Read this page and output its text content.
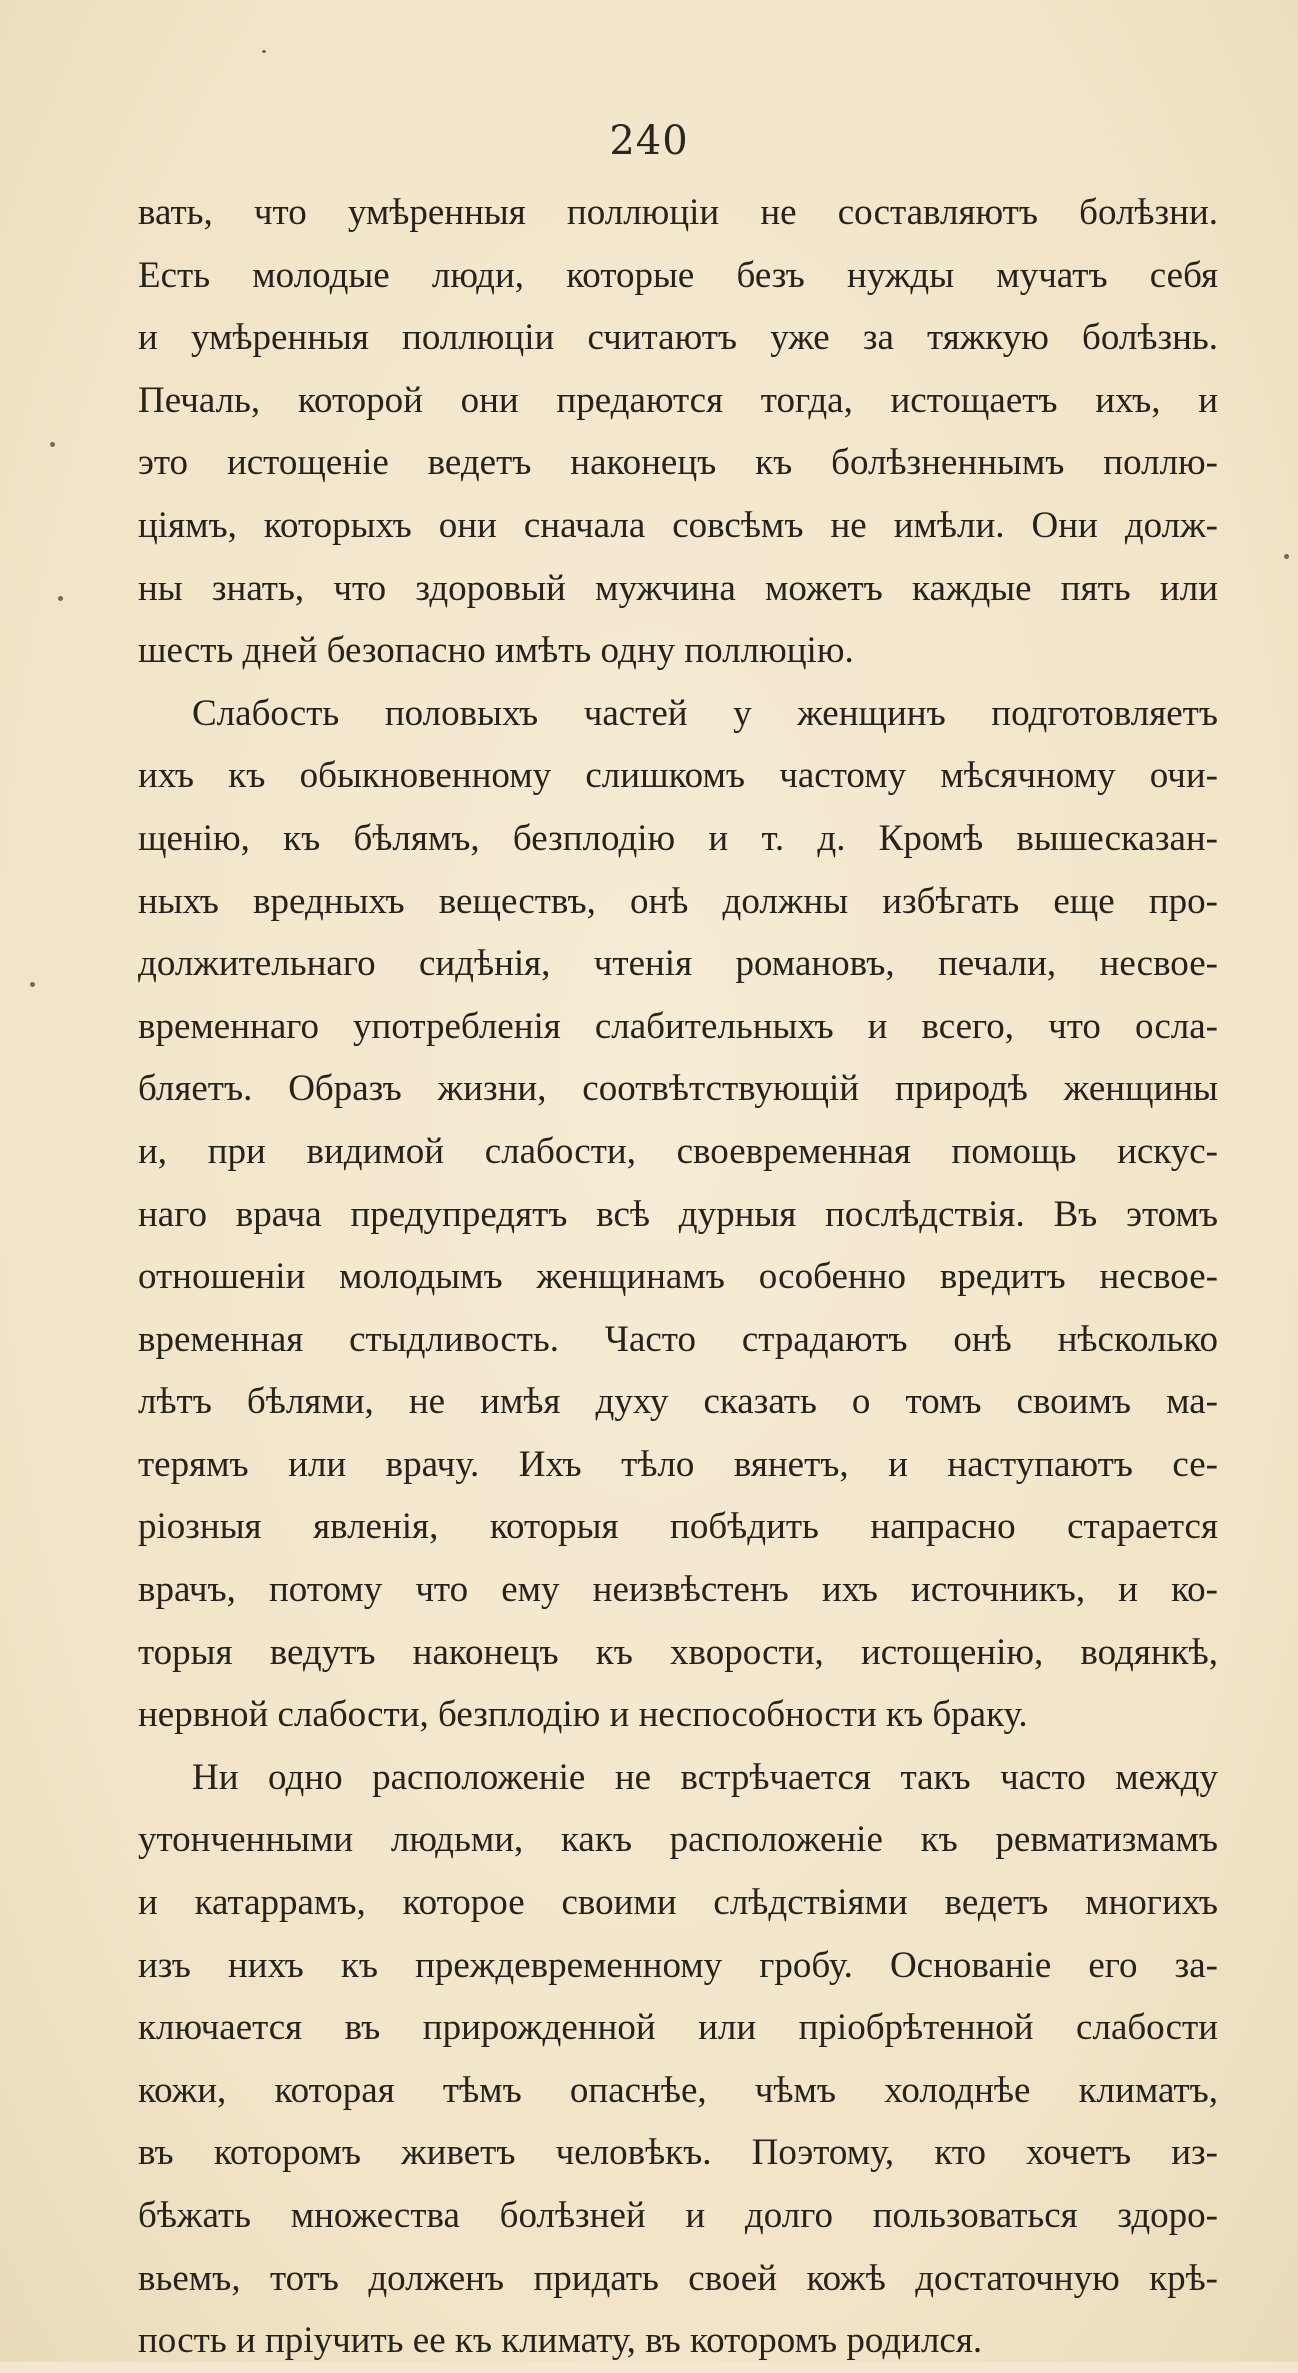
240
вать, что умѣренныя поллюціи не составляютъ болѣзни.
Есть молодые люди, которые безъ нужды мучатъ себя
и умѣренныя поллюціи считаютъ уже за тяжкую болѣзнь.
Печаль, которой они предаются тогда, истощаетъ ихъ, и
это истощеніе ведетъ наконецъ къ болѣзненнымъ поллю-
ціямъ, которыхъ они сначала совсѣмъ не имѣли. Они долж-
ны знать, что здоровый мужчина можетъ каждые пять или
шесть дней безопасно имѣть одну поллюцію.
Слабость половыхъ частей у женщинъ подготовляетъ
ихъ къ обыкновенному слишкомъ частому мѣсячному очи-
щенію, къ бѣлямъ, безплодію и т. д. Кромѣ вышесказан-
ныхъ вредныхъ веществъ, онѣ должны избѣгать еще про-
должительнаго сидѣнія, чтенія романовъ, печали, несвое-
временнаго употребленія слабительныхъ и всего, что осла-
бляетъ. Образъ жизни, соотвѣтствующій природѣ женщины
и, при видимой слабости, своевременная помощь искус-
наго врача предупредятъ всѣ дурныя послѣдствія. Въ этомъ
отношеніи молодымъ женщинамъ особенно вредитъ несвое-
временная стыдливость. Часто страдаютъ онѣ нѣсколько
лѣтъ бѣлями, не имѣя духу сказать о томъ своимъ ма-
терямъ или врачу. Ихъ тѣло вянетъ, и наступаютъ се-
ріозныя явленія, которыя побѣдить напрасно старается
врачъ, потому что ему неизвѣстенъ ихъ источникъ, и ко-
торыя ведутъ наконецъ къ хворости, истощенію, водянкѣ,
нервной слабости, безплодію и неспособности къ браку.
Ни одно расположеніе не встрѣчается такъ часто между
утонченными людьми, какъ расположеніе къ ревматизмамъ
и катаррамъ, которое своими слѣдствіями ведетъ многихъ
изъ нихъ къ преждевременному гробу. Основаніе его за-
ключается въ прирожденной или пріобрѣтенной слабости
кожи, которая тѣмъ опаснѣе, чѣмъ холоднѣе климатъ,
въ которомъ живетъ человѣкъ. Поэтому, кто хочетъ из-
бѣжать множества болѣзней и долго пользоваться здоро-
вьемъ, тотъ долженъ придать своей кожѣ достаточную крѣ-
пость и пріучить ее къ климату, въ которомъ родился.
